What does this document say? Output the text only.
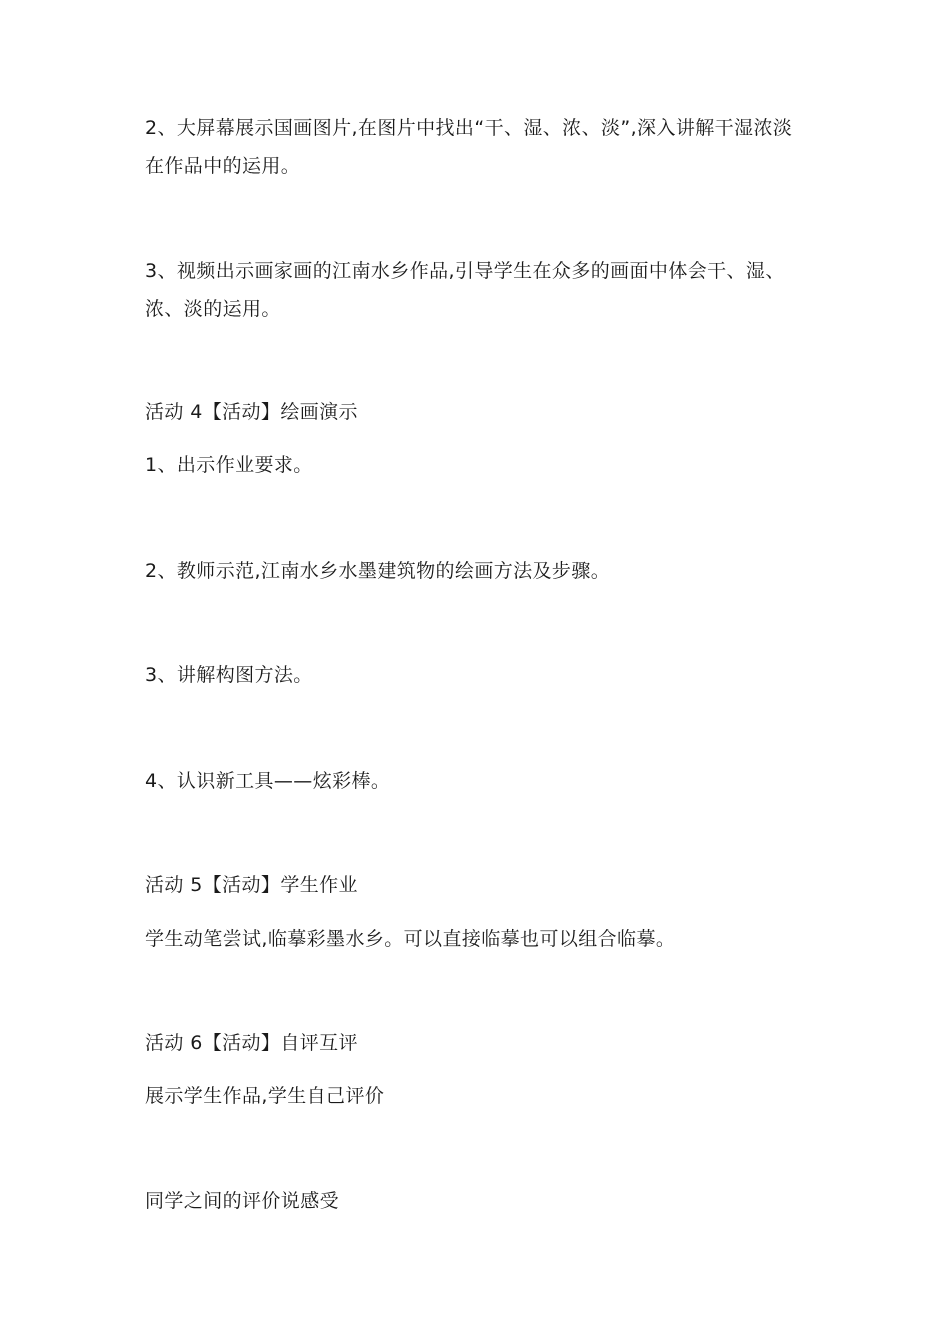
2、大屏幕展示国画图片,在图片中找出“干、湿、浓、淡”,深入讲解干湿浓淡
在作品中的运用。
3、视频出示画家画的江南水乡作品,引导学生在众多的画面中体会干、湿、
浓、淡的运用。
活动 4【活动】绘画演示
1、出示作业要求。
2、教师示范,江南水乡水墨建筑物的绘画方法及步骤。
3、讲解构图方法。
4、认识新工具——炫彩棒。
活动 5【活动】学生作业
学生动笔尝试,临摹彩墨水乡。可以直接临摹也可以组合临摹。
活动 6【活动】自评互评
展示学生作品,学生自己评价
同学之间的评价说感受
